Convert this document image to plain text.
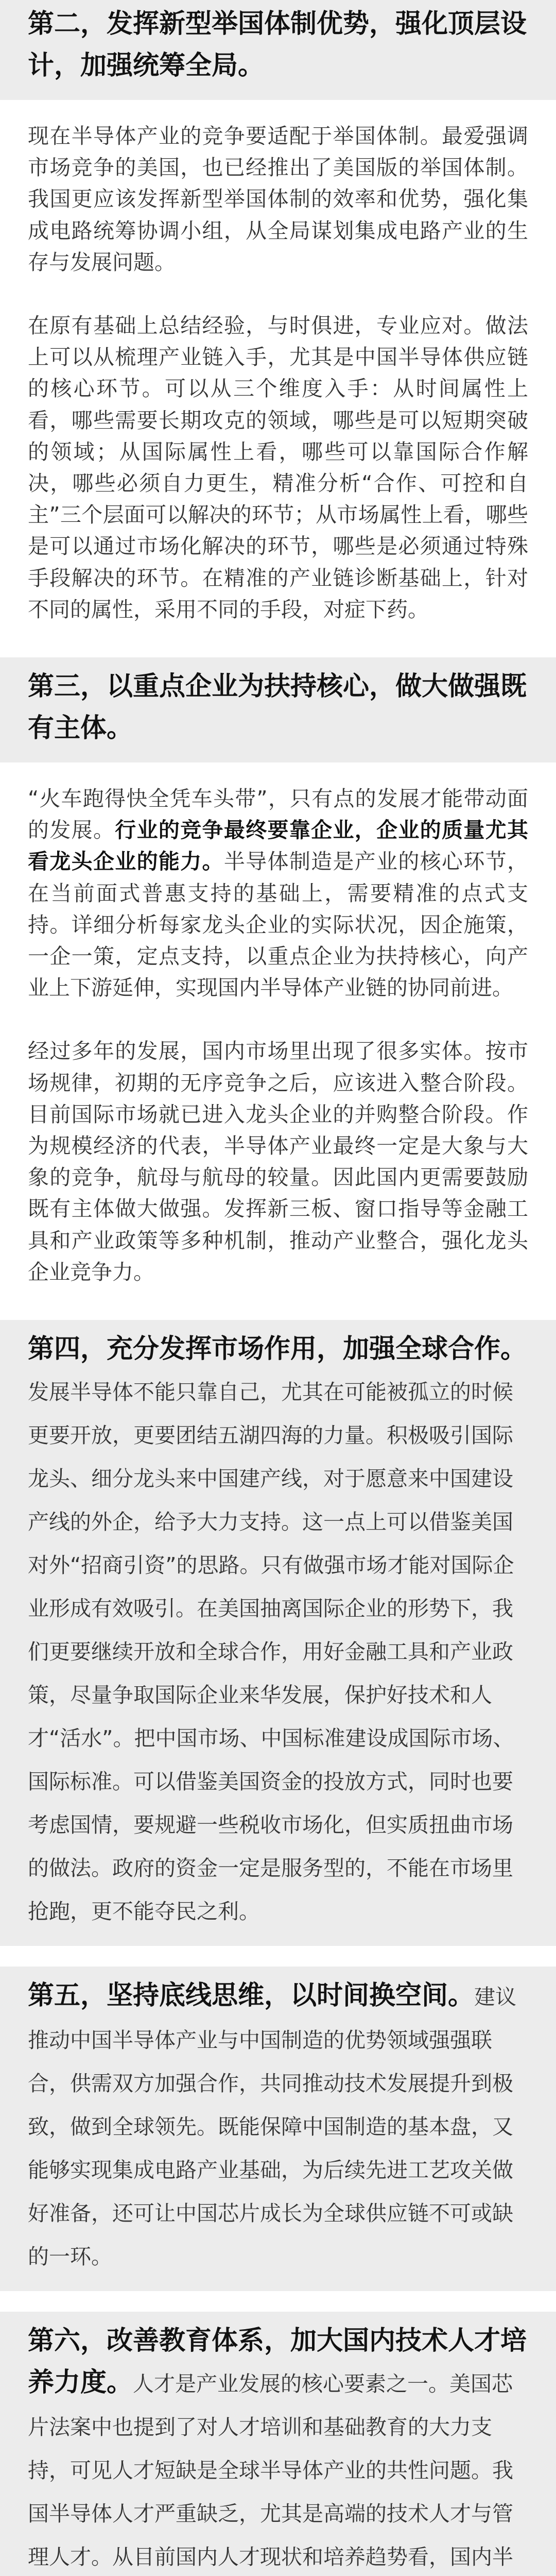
第二，发挥新型举国体制优势，强化顶层设计，加强统筹全局。

现在半导体产业的竞争要适配于举国体制。最爱强调市场竞争的美国，也已经推出了美国版的举国体制。我国更应该发挥新型举国体制的效率和优势，强化集成电路统筹协调小组，从全局谋划集成电路产业的生存与发展问题。

在原有基础上总结经验，与时俱进，专业应对。做法上可以从梳理产业链入手，尤其是中国半导体供应链的核心环节。可以从三个维度入手：从时间属性上看，哪些需要长期攻克的领域，哪些是可以短期突破的领域；从国际属性上看，哪些可以靠国际合作解决，哪些必须自力更生，精准分析“合作、可控和自主”三个层面可以解决的环节；从市场属性上看，哪些是可以通过市场化解决的环节，哪些是必须通过特殊手段解决的环节。在精准的产业链诊断基础上，针对不同的属性，采用不同的手段，对症下药。

第三，以重点企业为扶持核心，做大做强既有主体。

“火车跑得快全凭车头带”，只有点的发展才能带动面的发展。行业的竞争最终要靠企业，企业的质量尤其看龙头企业的能力。半导体制造是产业的核心环节，在当前面式普惠支持的基础上，需要精准的点式支持。详细分析每家龙头企业的实际状况，因企施策，一企一策，定点支持，以重点企业为扶持核心，向产业上下游延伸，实现国内半导体产业链的协同前进。

经过多年的发展，国内市场里出现了很多实体。按市场规律，初期的无序竞争之后，应该进入整合阶段。目前国际市场就已进入龙头企业的并购整合阶段。作为规模经济的代表，半导体产业最终一定是大象与大象的竞争，航母与航母的较量。因此国内更需要鼓励既有主体做大做强。发挥新三板、窗口指导等金融工具和产业政策等多种机制，推动产业整合，强化龙头企业竞争力。

第四，充分发挥市场作用，加强全球合作。发展半导体不能只靠自己，尤其在可能被孤立的时候更要开放，更要团结五湖四海的力量。积极吸引国际龙头、细分龙头来中国建产线，对于愿意来中国建设产线的外企，给予大力支持。这一点上可以借鉴美国对外“招商引资”的思路。只有做强市场才能对国际企业形成有效吸引。在美国抽离国际企业的形势下，我们更要继续开放和全球合作，用好金融工具和产业政策，尽量争取国际企业来华发展，保护好技术和人才“活水”。把中国市场、中国标准建设成国际市场、国际标准。可以借鉴美国资金的投放方式，同时也要考虑国情，要规避一些税收市场化，但实质扭曲市场的做法。政府的资金一定是服务型的，不能在市场里抢跑，更不能夺民之利。
第五，坚持底线思维，以时间换空间。建议推动中国半导体产业与中国制造的优势领域强强联合，供需双方加强合作，共同推动技术发展提升到极致，做到全球领先。既能保障中国制造的基本盘，又能够实现集成电路产业基础，为后续先进工艺攻关做好准备，还可让中国芯片成长为全球供应链不可或缺的一环。
第六，改善教育体系，加大国内技术人才培养力度。人才是产业发展的核心要素之一。美国芯片法案中也提到了对人才培训和基础教育的大力支持，可见人才短缺是全球半导体产业的共性问题。我国半导体人才严重缺乏，尤其是高端的技术人才与管理人才。从目前国内人才现状和培养趋势看，国内半
